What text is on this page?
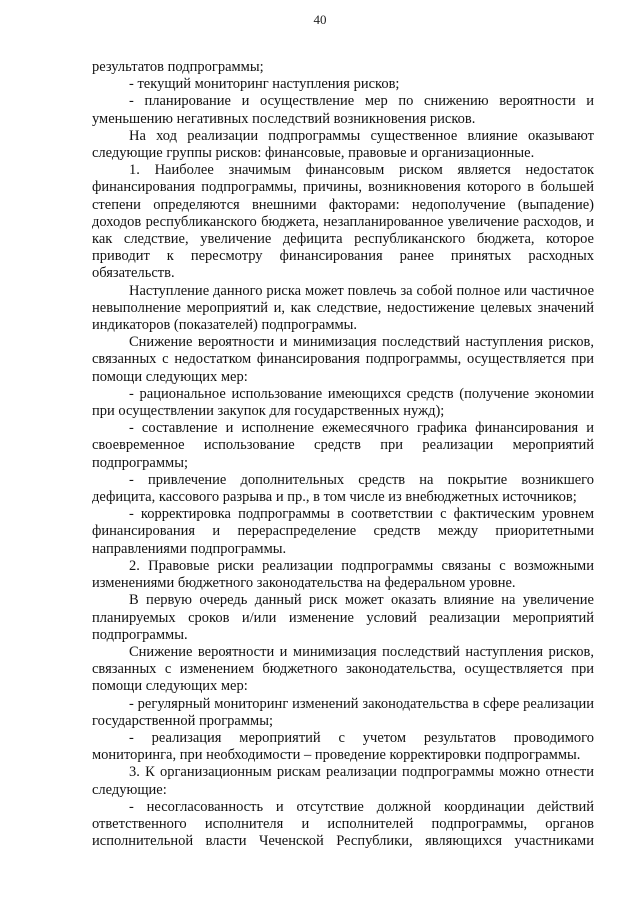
40

результатов подпрограммы;

- текущий мониторинг наступления рисков;

- планирование и осуществление мер по снижению вероятности и уменьшению негативных последствий возникновения рисков.

На ход реализации подпрограммы существенное влияние оказывают следующие группы рисков: финансовые, правовые и организационные.

1. Наиболее значимым финансовым риском является недостаток финансирования подпрограммы, причины, возникновения которого в большей степени определяются внешними факторами: недополучение (выпадение) доходов республиканского бюджета, незапланированное увеличение расходов, и как следствие, увеличение дефицита республиканского бюджета, которое приводит к пересмотру финансирования ранее принятых расходных обязательств.

Наступление данного риска может повлечь за собой полное или частичное невыполнение мероприятий и, как следствие, недостижение целевых значений индикаторов (показателей) подпрограммы.

Снижение вероятности и минимизация последствий наступления рисков, связанных с недостатком финансирования подпрограммы, осуществляется при помощи следующих мер:

- рациональное использование имеющихся средств (получение экономии при осуществлении закупок для государственных нужд);

- составление и исполнение ежемесячного графика финансирования и своевременное использование средств при реализации мероприятий подпрограммы;

- привлечение дополнительных средств на покрытие возникшего дефицита, кассового разрыва и пр., в том числе из внебюджетных источников;

- корректировка подпрограммы в соответствии с фактическим уровнем финансирования и перераспределение средств между приоритетными направлениями подпрограммы.

2. Правовые риски реализации подпрограммы связаны с возможными изменениями бюджетного законодательства на федеральном уровне.

В первую очередь данный риск может оказать влияние на увеличение планируемых сроков и/или изменение условий реализации мероприятий подпрограммы.

Снижение вероятности и минимизация последствий наступления рисков, связанных с изменением бюджетного законодательства, осуществляется при помощи следующих мер:

- регулярный мониторинг изменений законодательства в сфере реализации государственной программы;

- реализация мероприятий с учетом результатов проводимого мониторинга, при необходимости – проведение корректировки подпрограммы.

3. К организационным рискам реализации подпрограммы можно отнести следующие:

- несогласованность и отсутствие должной координации действий ответственного исполнителя и исполнителей подпрограммы, органов исполнительной власти Чеченской Республики, являющихся участниками
